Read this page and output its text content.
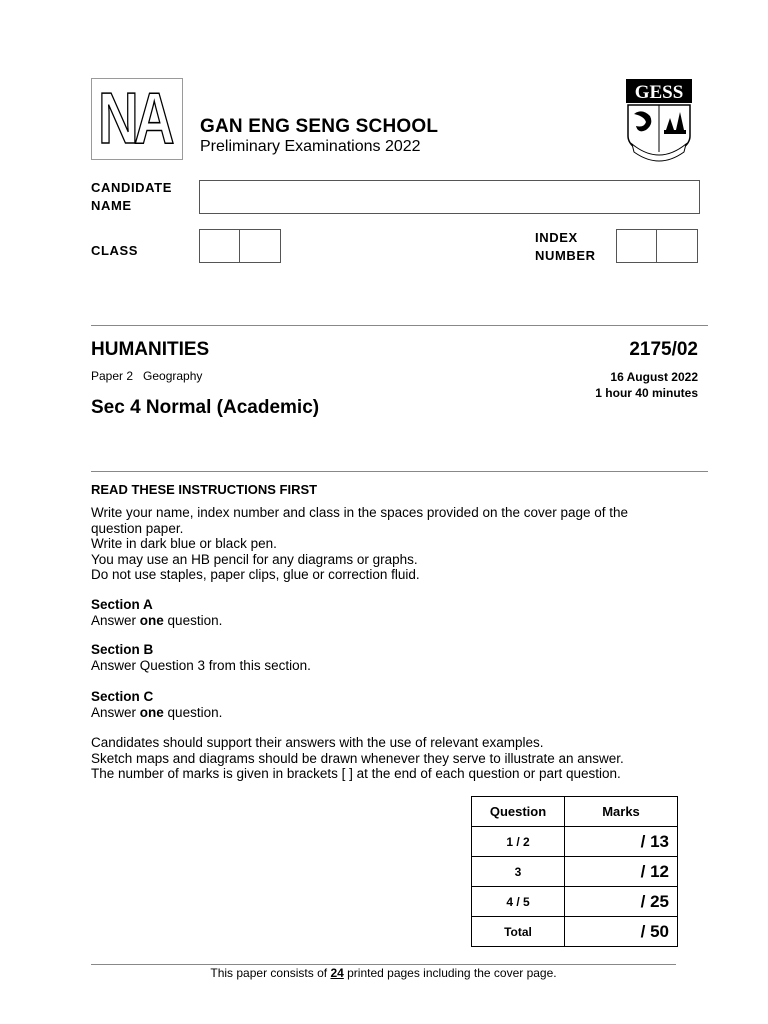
NA GAN ENG SENG SCHOOL
Preliminary Examinations 2022
GESS
CANDIDATE
NAME
CLASS
INDEX
NUMBER
HUMANITIES	2175/02
Paper 2 Geography	16 August 2022
1 hour 40 minutes
Sec 4 Normal (Academic)
READ THESE INSTRUCTIONS FIRST

Write your name, index number and class in the spaces provided on the cover page of the question paper.

Write in dark blue or black pen.

You may use an HB pencil for any diagrams or graphs.

Do not use staples, paper clips, glue or correction fluid.

Section A

Answer one question.

Section B

Answer Question 3 from this section.

Section C

Answer one question.

Candidates should support their answers with the use of relevant examples.

Sketch maps and diagrams should be drawn whenever they serve to illustrate an answer.

The number of marks is given in brackets [ ] at the end of each question or part question.

Question	Marks
1 / 2	/ 13
3	/ 12
4 / 5	/ 25
Total	/ 50
This paper consists of 24 printed pages including the cover page.
